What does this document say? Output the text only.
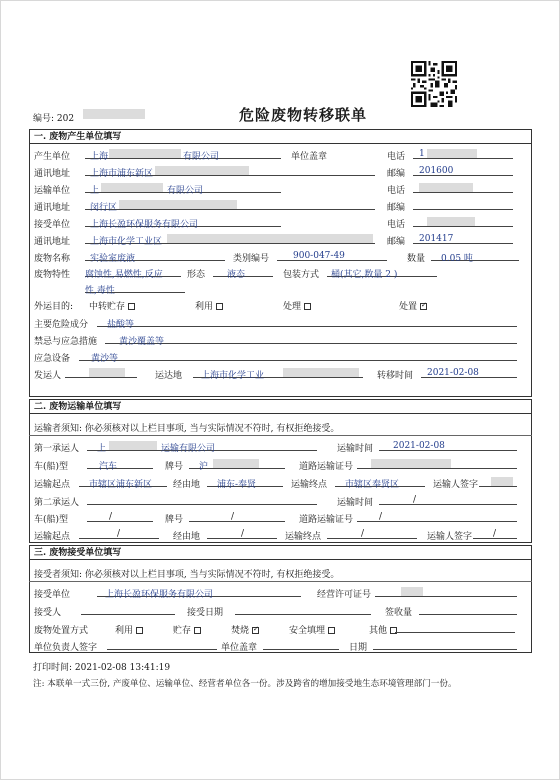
编号: 202	危险废物转移联单
一. 废物产生单位填写
产生单位 上海	有限公司	单位盖章	电话 1
通讯地址 上海市浦东新区	邮编 201600
运输单位 上	有限公司	电话
通讯地址 闵行区	邮编
接受单位 上海长盈环保服务有限公司	电话
通讯地址 上海市化学工业区	邮编 201417
废物名称 实验室废液	类别编号	900-047-49	数量 0.05 吨
废物特性 腐蚀性,易燃性,反应	形态 液态	包装方式 桶(其它,数量 2 )
性,毒性
外运目的: 中转贮存	利用	处理	处置✓
主要危险成分 盐酸等
禁忌与应急措施 黄沙覆盖等
应急设备 黄沙等
发运人	运达地 上海市化学工业	转移时间 2021-02-08
二. 废物运输单位填写
运输者须知: 你必须核对以上栏目事项, 当与实际情况不符时, 有权拒绝接受。
第一承运人 上	运输有限公司	运输时间 2021-02-08
车(船)型	汽车	牌号 沪	道路运输证号
运输起点 市辖区浦东新区 经由地 浦东-奉贤	运输终点 市辖区奉贤区	运输人签字
第二承运人	运输时间	/
车(船)型	/	牌号	/	道路运输证号	/
运输起点	/	经由地	/	运输终点	/	运输人签字 /
三. 废物接受单位填写
接受者须知: 你必须核对以上栏目事项, 当与实际情况不符时, 有权拒绝接受。
接受单位	上海长盈环保服务有限公司	经营许可证号
接受人	接受日期	签收量
废物处置方式	利用	贮存	焚烧✓	安全填埋	其他
单位负责人签字	单位盖章	日期
打印时间: 2021-02-08 13:41:19
注: 本联单一式三份, 产废单位、运输单位、经营者单位各一份。涉及跨省的增加接受地生态环境管理部门一份。
